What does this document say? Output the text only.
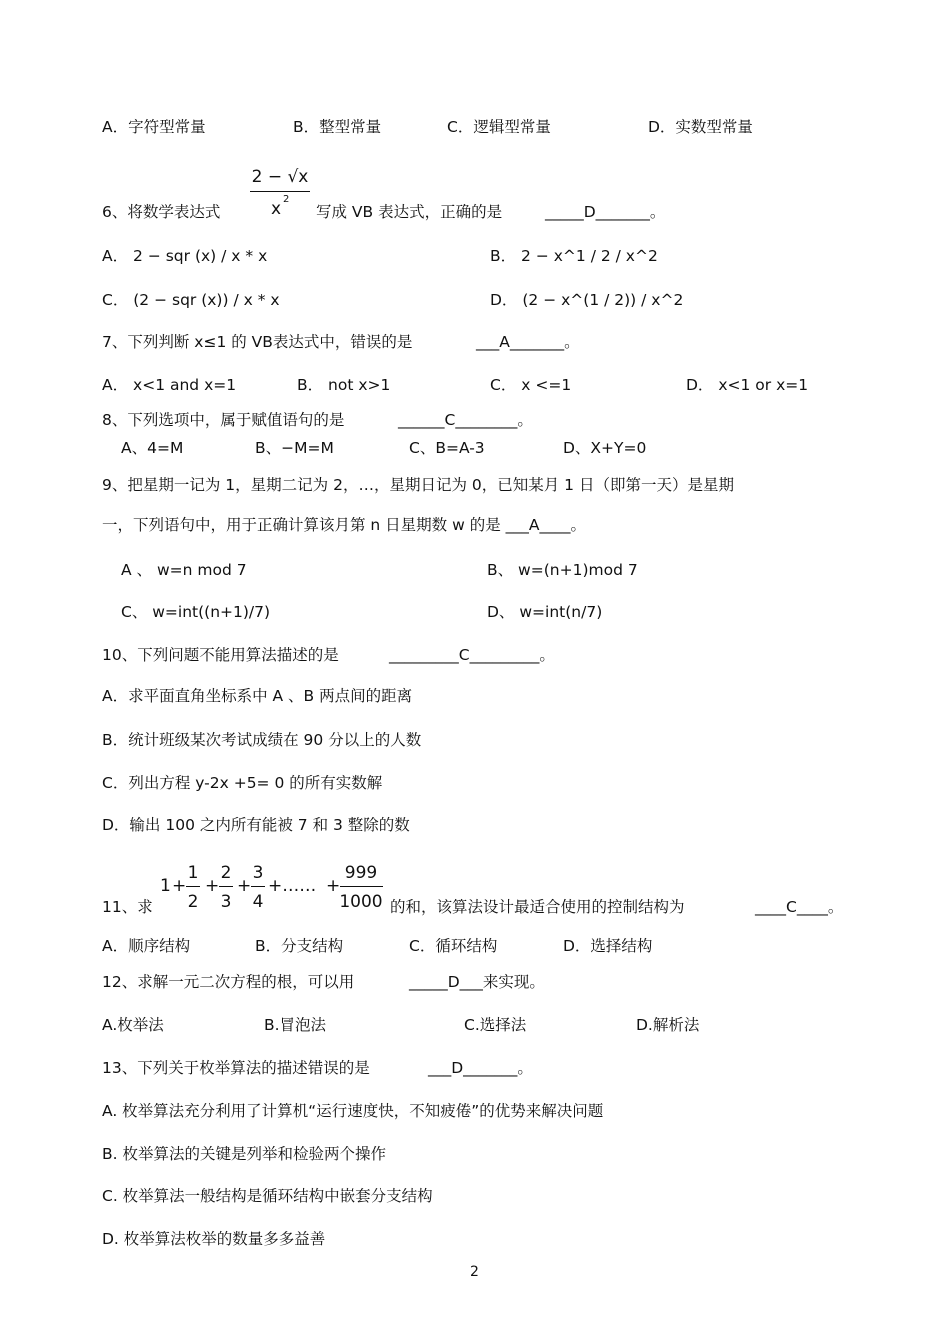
A．字符型常量	B．整型常量	C．逻辑型常量	D．实数型常量
6、将数学表达式
2 − √x
x 2
写成 VB 表达式，正确的是	_____D_______。
A． 2 − sqr (x) / x * x	B． 2 − x^1 / 2 / x^2
C． (2 − sqr (x)) / x * x	D． (2 − x^(1 / 2)) / x^2
7、下列判断 x≤1 的 VB表达式中，错误的是	___A_______。
A． x<1 and x=1	B． not x>1	C． x <=1	D． x<1 or x=1
8、下列选项中，属于赋值语句的是	______C________。
A、4=M	B、−M=M	C、B=A-3	D、X+Y=0
9、把星期一记为 1，星期二记为 2，…，星期日记为 0，已知某月 1 日（即第一天）是星期
一，下列语句中，用于正确计算该月第 n 日星期数 w 的是 ___A____。
A 、 w=n mod 7	B、 w=(n+1)mod 7
C、 w=int((n+1)/7)	D、 w=int(n/7)
10、下列问题不能用算法描述的是	_________C_________。
A．求平面直角坐标系中 A 、B 两点间的距离
B．统计班级某次考试成绩在 90 分以上的人数
C．列出方程 y-2x +5= 0 的所有实数解
D．输出 100 之内所有能被 7 和 3 整除的数
11、求
1 +
1
2
+
2
3
+
3
4
+…… +
999
1000 的和，该算法设计最适合使用的控制结构为	____C____。
A．顺序结构	B．分支结构	C．循环结构	D．选择结构
12、求解一元二次方程的根，可以用	_____D___来实现。
A.枚举法	B.冒泡法	C.选择法	D.解析法
13、下列关于枚举算法的描述错误的是	___D_______。
A. 枚举算法充分利用了计算机“运行速度快，不知疲倦”的优势来解决问题
B. 枚举算法的关键是列举和检验两个操作
C. 枚举算法一般结构是循环结构中嵌套分支结构
D. 枚举算法枚举的数量多多益善
2
